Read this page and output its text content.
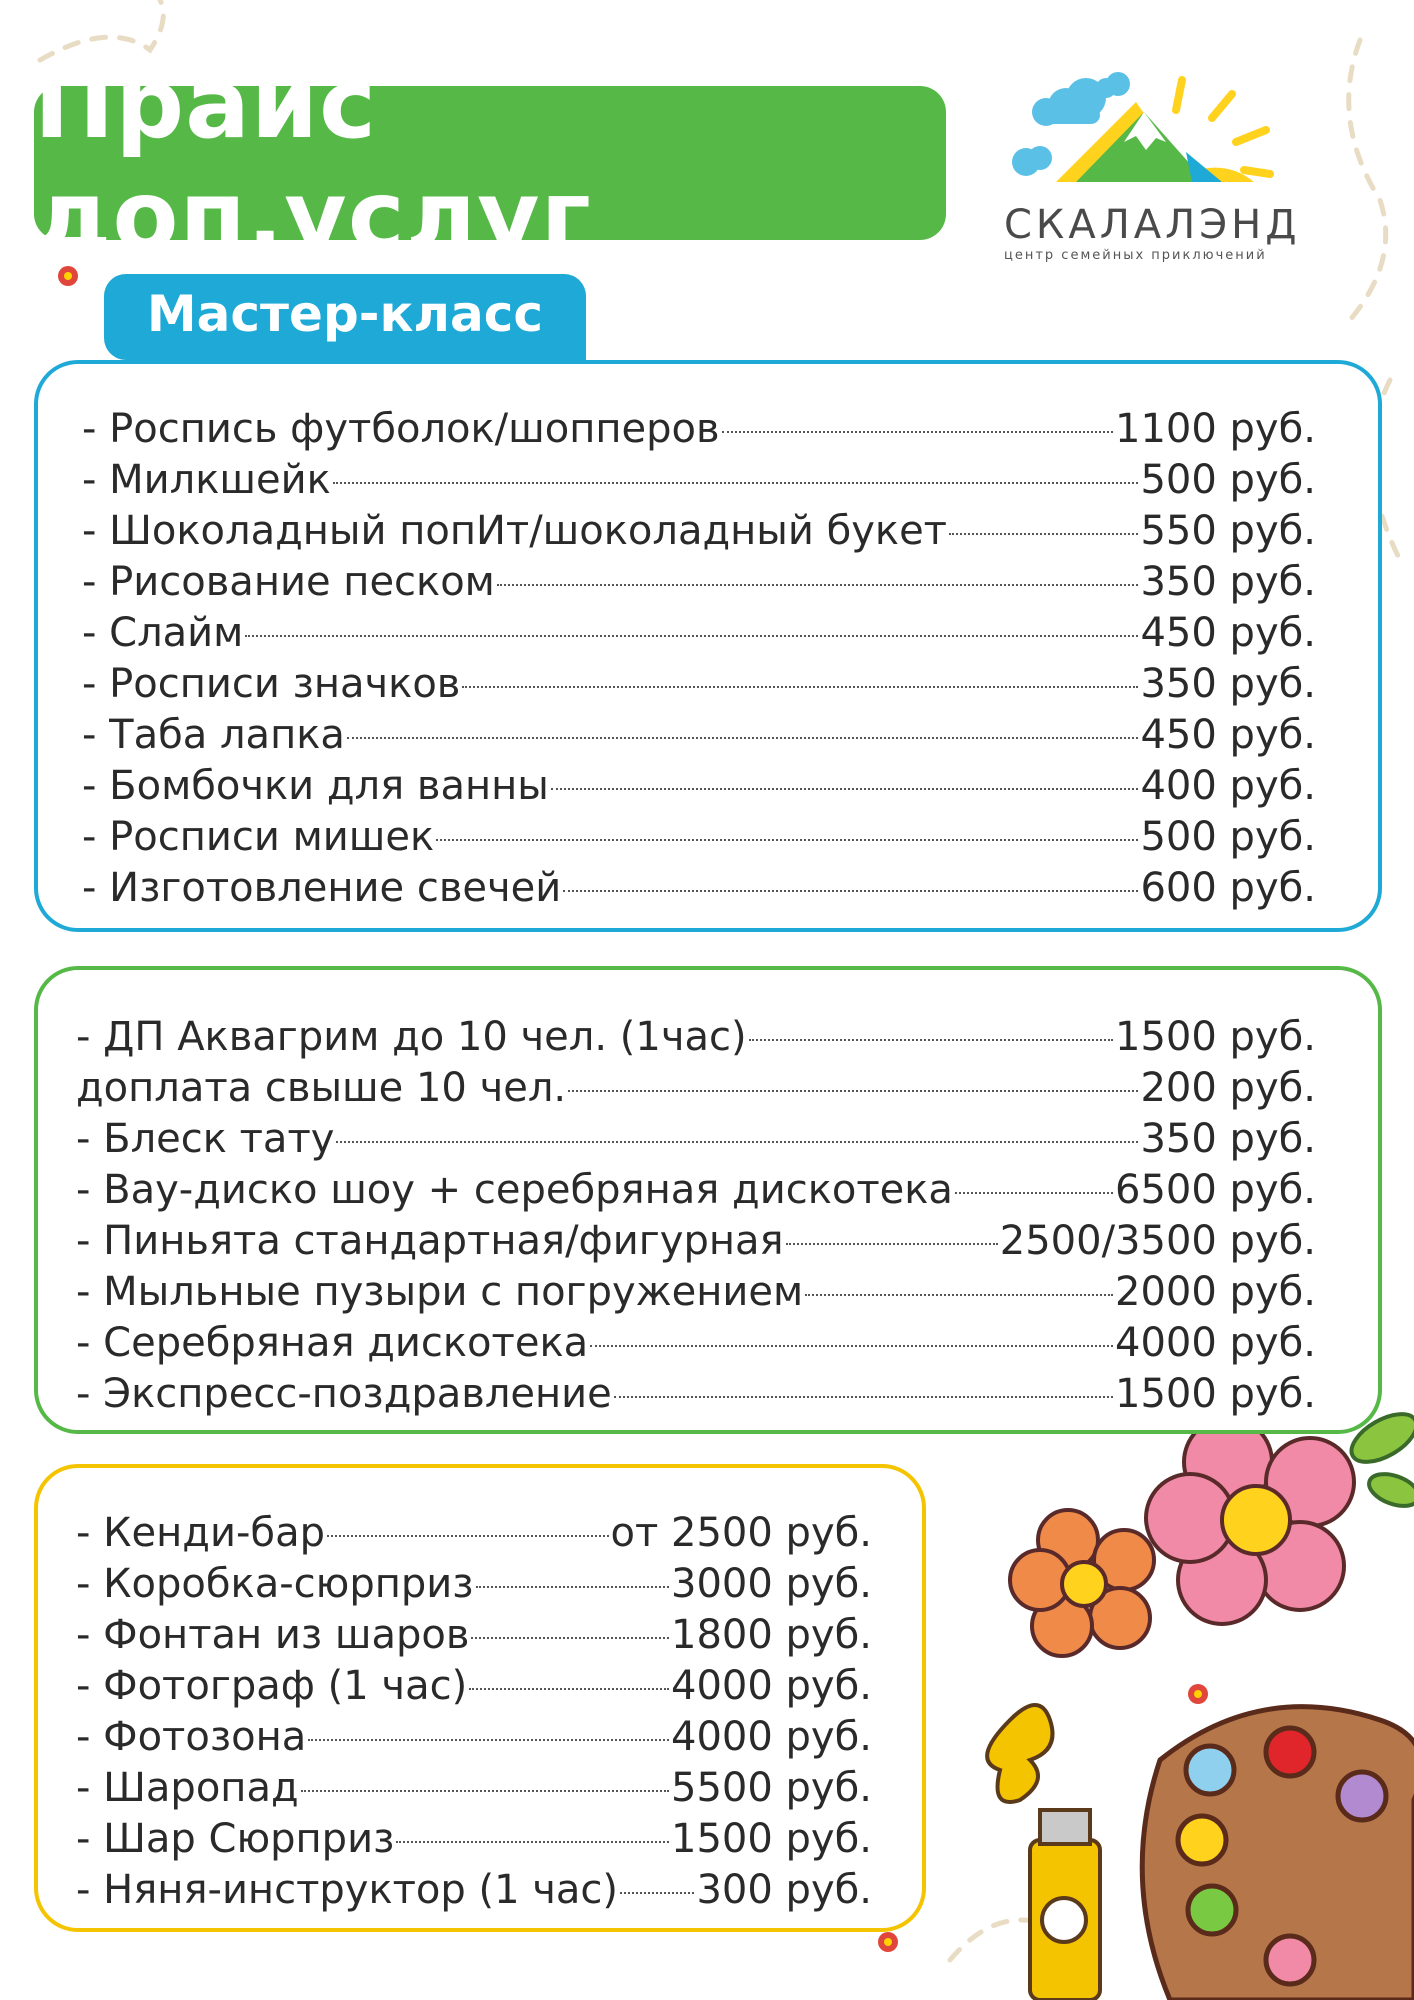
Прайс доп.услуг	СКАЛАЛЭНД
центр семейных приключений
Мастер-класс
- Роспись футболок/шопперов	1100 руб.
- Милкшейк	500 руб.
- Шоколадный попИт/шоколадный букет	550 руб.
- Рисование песком	350 руб.
- Слайм	450 руб.
- Росписи значков	350 руб.
- Таба лапка	450 руб.
- Бомбочки для ванны	400 руб.
- Росписи мишек	500 руб.
- Изготовление свечей	600 руб.
- ДП Аквагрим до 10 чел. (1час)	1500 руб.
доплата свыше 10 чел.	200 руб.
- Блеск тату	350 руб.
- Вау-диско шоу + серебряная дискотека	6500 руб.
- Пиньята стандартная/фигурная	2500/3500 руб.
- Мыльные пузыри с погружением	2000 руб.
- Серебряная дискотека	4000 руб.
- Экспресс-поздравление	1500 руб.
- Кенди-бар	от 2500 руб.
- Коробка-сюрприз	3000 руб.
- Фонтан из шаров	1800 руб.
- Фотограф (1 час)	4000 руб.
- Фотозона	4000 руб.
- Шаропад	5500 руб.
- Шар Сюрприз	1500 руб.
- Няня-инструктор (1 час) 300 руб.
